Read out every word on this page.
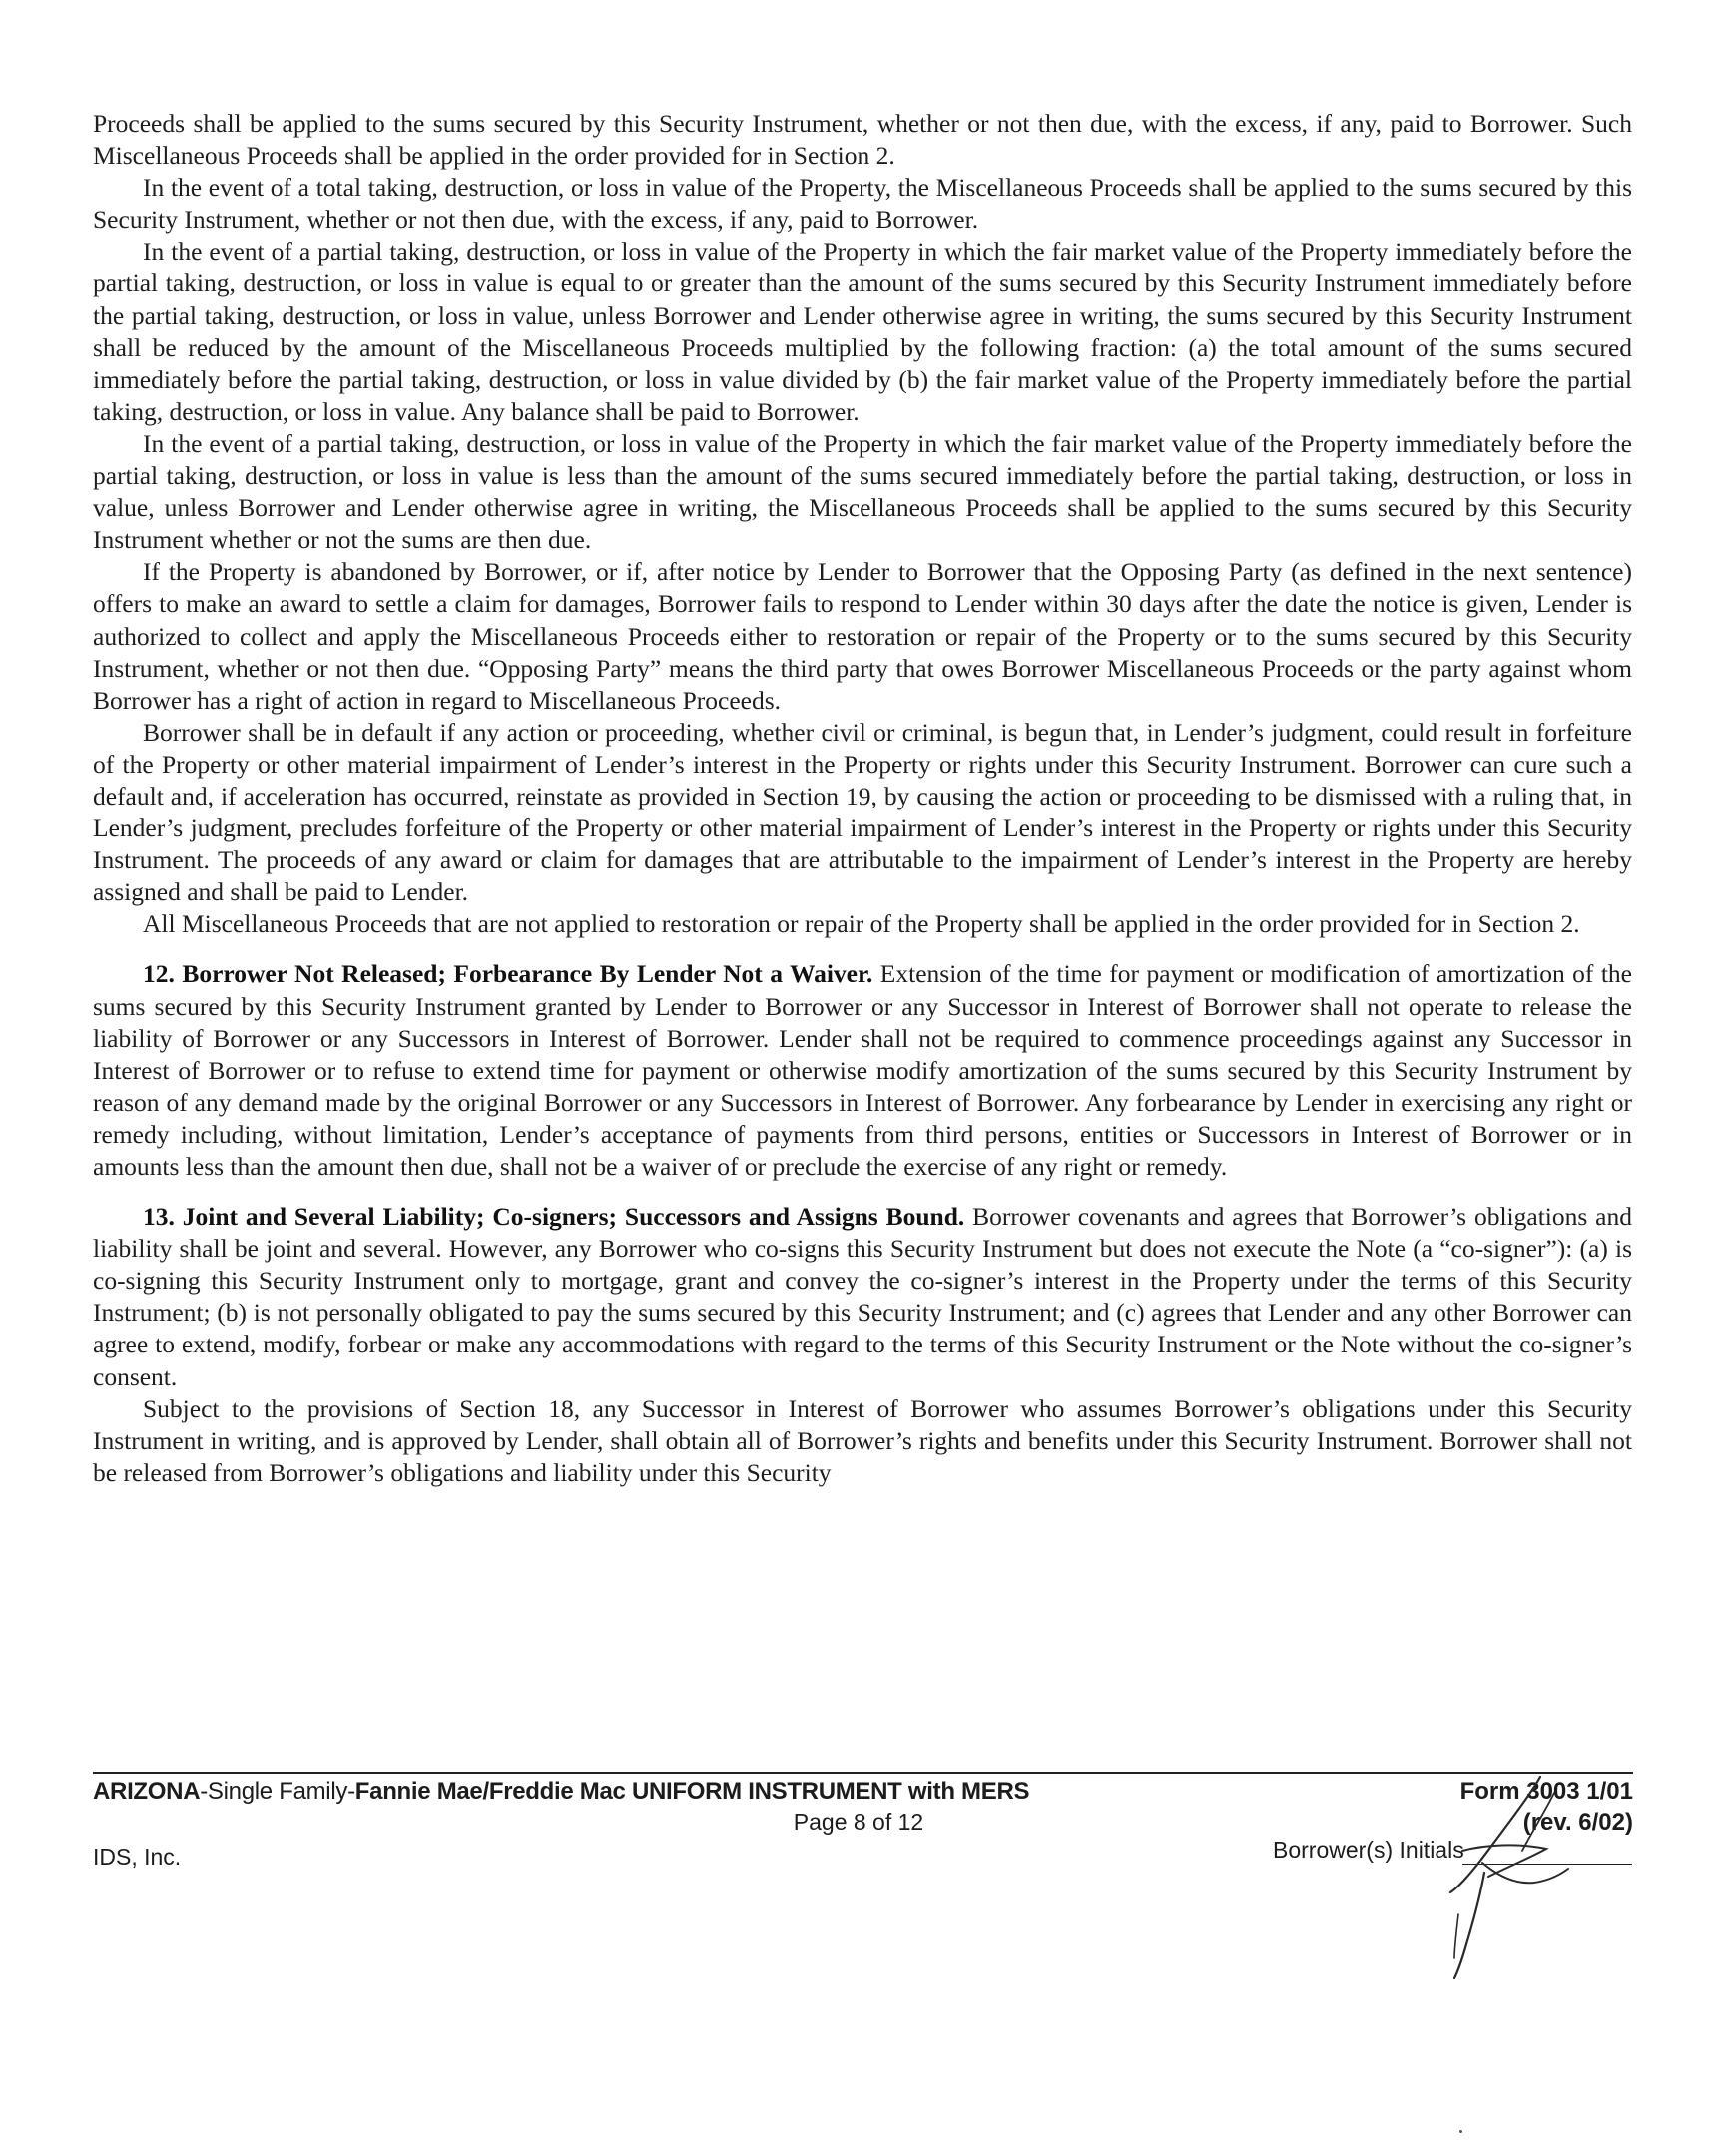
Proceeds shall be applied to the sums secured by this Security Instrument, whether or not then due, with the excess, if any, paid to Borrower. Such Miscellaneous Proceeds shall be applied in the order provided for in Section 2.

In the event of a total taking, destruction, or loss in value of the Property, the Miscellaneous Proceeds shall be applied to the sums secured by this Security Instrument, whether or not then due, with the excess, if any, paid to Borrower.

In the event of a partial taking, destruction, or loss in value of the Property in which the fair market value of the Property immediately before the partial taking, destruction, or loss in value is equal to or greater than the amount of the sums secured by this Security Instrument immediately before the partial taking, destruction, or loss in value, unless Borrower and Lender otherwise agree in writing, the sums secured by this Security Instrument shall be reduced by the amount of the Miscellaneous Proceeds multiplied by the following fraction: (a) the total amount of the sums secured immediately before the partial taking, destruction, or loss in value divided by (b) the fair market value of the Property immediately before the partial taking, destruction, or loss in value. Any balance shall be paid to Borrower.

In the event of a partial taking, destruction, or loss in value of the Property in which the fair market value of the Property immediately before the partial taking, destruction, or loss in value is less than the amount of the sums secured immediately before the partial taking, destruction, or loss in value, unless Borrower and Lender otherwise agree in writing, the Miscellaneous Proceeds shall be applied to the sums secured by this Security Instrument whether or not the sums are then due.

If the Property is abandoned by Borrower, or if, after notice by Lender to Borrower that the Opposing Party (as defined in the next sentence) offers to make an award to settle a claim for damages, Borrower fails to respond to Lender within 30 days after the date the notice is given, Lender is authorized to collect and apply the Miscellaneous Proceeds either to restoration or repair of the Property or to the sums secured by this Security Instrument, whether or not then due. “Opposing Party” means the third party that owes Borrower Miscellaneous Proceeds or the party against whom Borrower has a right of action in regard to Miscellaneous Proceeds.

Borrower shall be in default if any action or proceeding, whether civil or criminal, is begun that, in Lender’s judgment, could result in forfeiture of the Property or other material impairment of Lender’s interest in the Property or rights under this Security Instrument. Borrower can cure such a default and, if acceleration has occurred, reinstate as provided in Section 19, by causing the action or proceeding to be dismissed with a ruling that, in Lender’s judgment, precludes forfeiture of the Property or other material impairment of Lender’s interest in the Property or rights under this Security Instrument. The proceeds of any award or claim for damages that are attributable to the impairment of Lender’s interest in the Property are hereby assigned and shall be paid to Lender.

All Miscellaneous Proceeds that are not applied to restoration or repair of the Property shall be applied in the order provided for in Section 2.

12. Borrower Not Released; Forbearance By Lender Not a Waiver. Extension of the time for payment or modification of amortization of the sums secured by this Security Instrument granted by Lender to Borrower or any Successor in Interest of Borrower shall not operate to release the liability of Borrower or any Successors in Interest of Borrower. Lender shall not be required to commence proceedings against any Successor in Interest of Borrower or to refuse to extend time for payment or otherwise modify amortization of the sums secured by this Security Instrument by reason of any demand made by the original Borrower or any Successors in Interest of Borrower. Any forbearance by Lender in exercising any right or remedy including, without limitation, Lender’s acceptance of payments from third persons, entities or Successors in Interest of Borrower or in amounts less than the amount then due, shall not be a waiver of or preclude the exercise of any right or remedy.

13. Joint and Several Liability; Co-signers; Successors and Assigns Bound. Borrower covenants and agrees that Borrower’s obligations and liability shall be joint and several. However, any Borrower who co-signs this Security Instrument but does not execute the Note (a “co-signer”): (a) is co-signing this Security Instrument only to mortgage, grant and convey the co-signer’s interest in the Property under the terms of this Security Instrument; (b) is not personally obligated to pay the sums secured by this Security Instrument; and (c) agrees that Lender and any other Borrower can agree to extend, modify, forbear or make any accommodations with regard to the terms of this Security Instrument or the Note without the co-signer’s consent.

Subject to the provisions of Section 18, any Successor in Interest of Borrower who assumes Borrower’s obligations under this Security Instrument in writing, and is approved by Lender, shall obtain all of Borrower’s rights and benefits under this Security Instrument. Borrower shall not be released from Borrower’s obligations and liability under this Security

ARIZONA-Single Family-Fannie Mae/Freddie Mac UNIFORM INSTRUMENT with MERS
Page 8 of 12
IDS, Inc.
Form 3003 1/01
(rev. 6/02)
Borrower(s) Initials
